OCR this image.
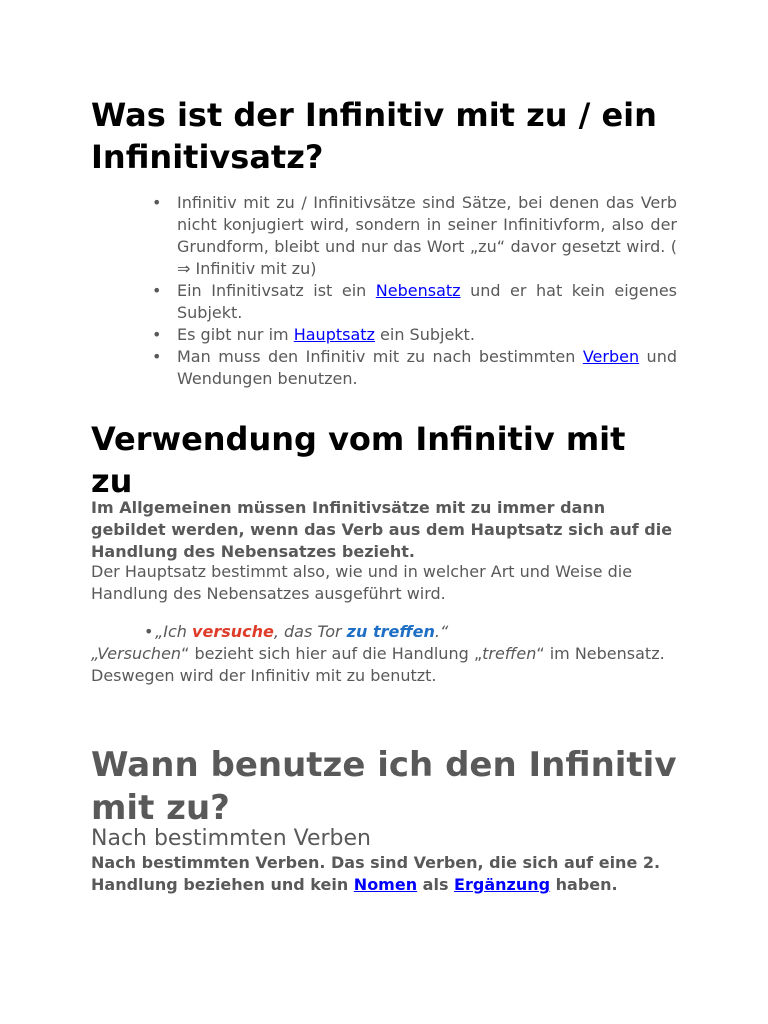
Was ist der Infinitiv mit zu / ein Infinitivsatz?
• Infinitiv mit zu / Infinitivsätze sind Sätze, bei denen das Verb nicht konjugiert wird, sondern in seiner Infinitivform, also der Grundform, bleibt und nur das Wort „zu“ davor gesetzt wird. ( ⇒ Infinitiv mit zu)
• Ein Infinitivsatz ist ein Nebensatz und er hat kein eigenes Subjekt.
• Es gibt nur im Hauptsatz ein Subjekt.
• Man muss den Infinitiv mit zu nach bestimmten Verben und Wendungen benutzen.
Verwendung vom Infinitiv mit zu
Im Allgemeinen müssen Infinitivsätze mit zu immer dann gebildet werden, wenn das Verb aus dem Hauptsatz sich auf die Handlung des Nebensatzes bezieht.
Der Hauptsatz bestimmt also, wie und in welcher Art und Weise die Handlung des Nebensatzes ausgeführt wird.
• „Ich versuche, das Tor zu treffen.“
„Versuchen“ bezieht sich hier auf die Handlung „treffen“ im Nebensatz. Deswegen wird der Infinitiv mit zu benutzt.
Wann benutze ich den Infinitiv mit zu?
Nach bestimmten Verben
Nach bestimmten Verben. Das sind Verben, die sich auf eine 2. Handlung beziehen und kein Nomen als Ergänzung haben.
